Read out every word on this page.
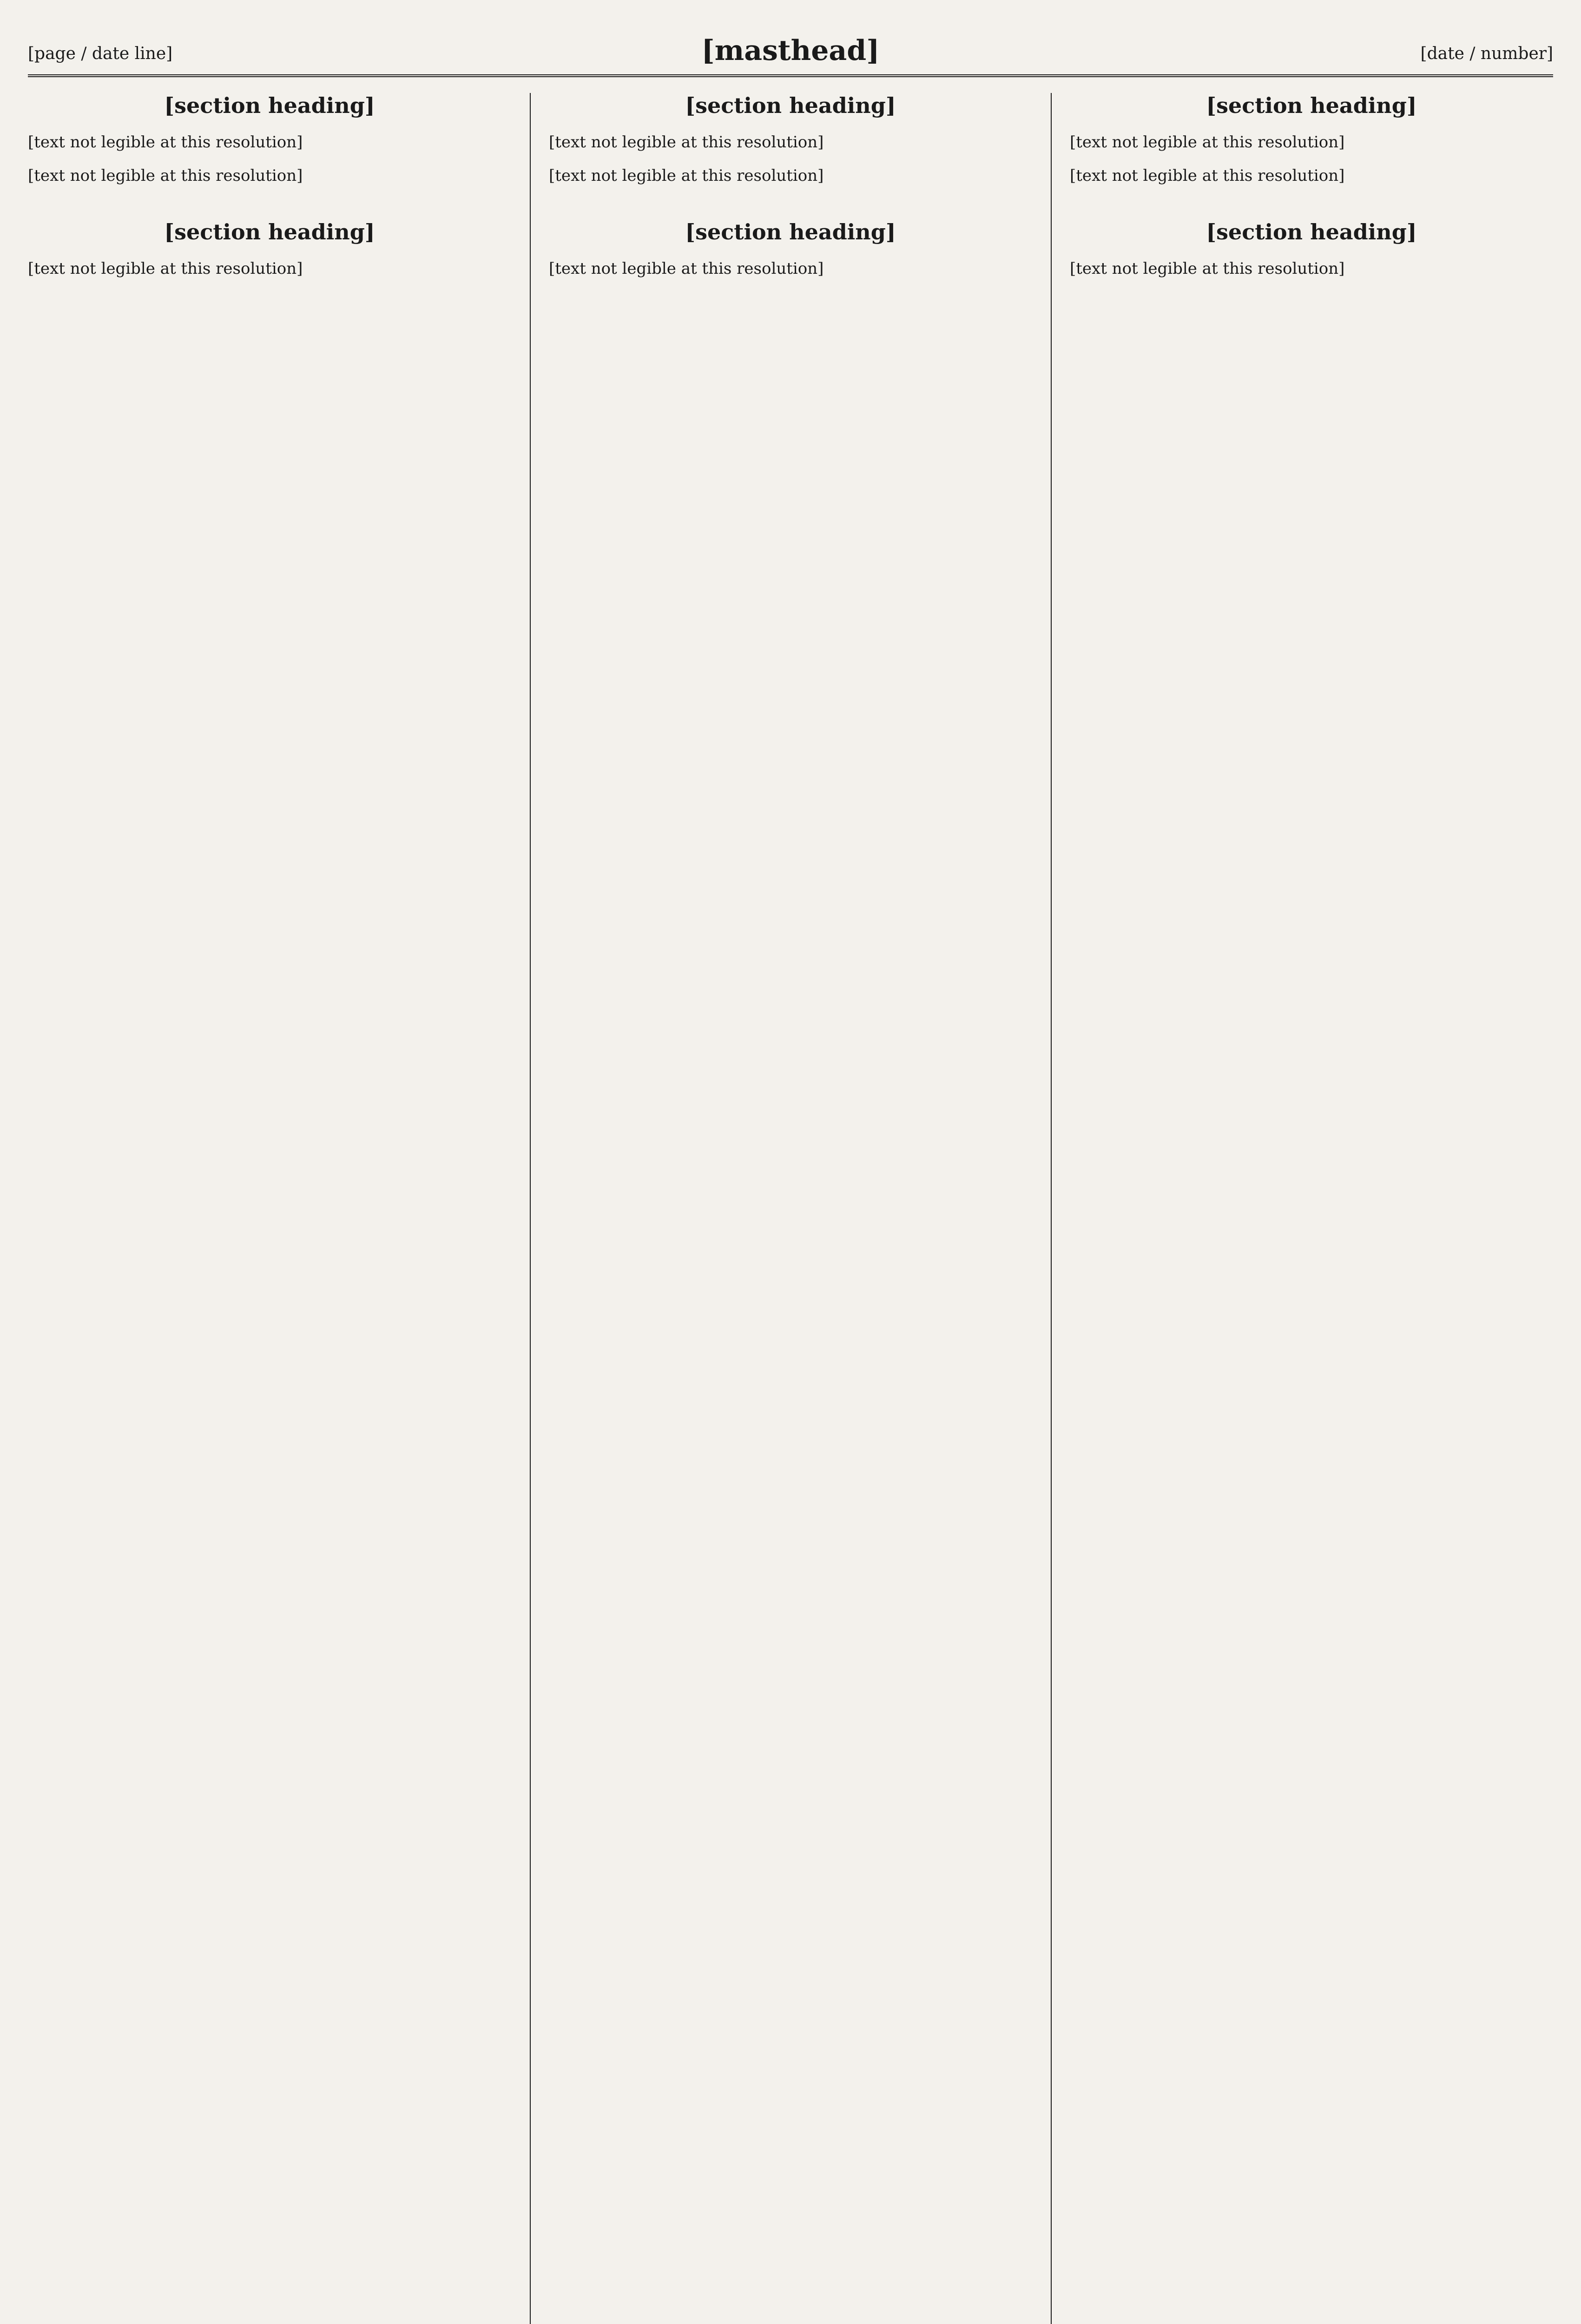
[page / date line]	[masthead]	[date / number]
[section heading]

[text not legible at this resolution]

[text not legible at this resolution]

[section heading]

[text not legible at this resolution]

[section heading]

[text not legible at this resolution]

[text not legible at this resolution]

[section heading]

[text not legible at this resolution]

[section heading]

[text not legible at this resolution]

[text not legible at this resolution]

[section heading]

[text not legible at this resolution]
